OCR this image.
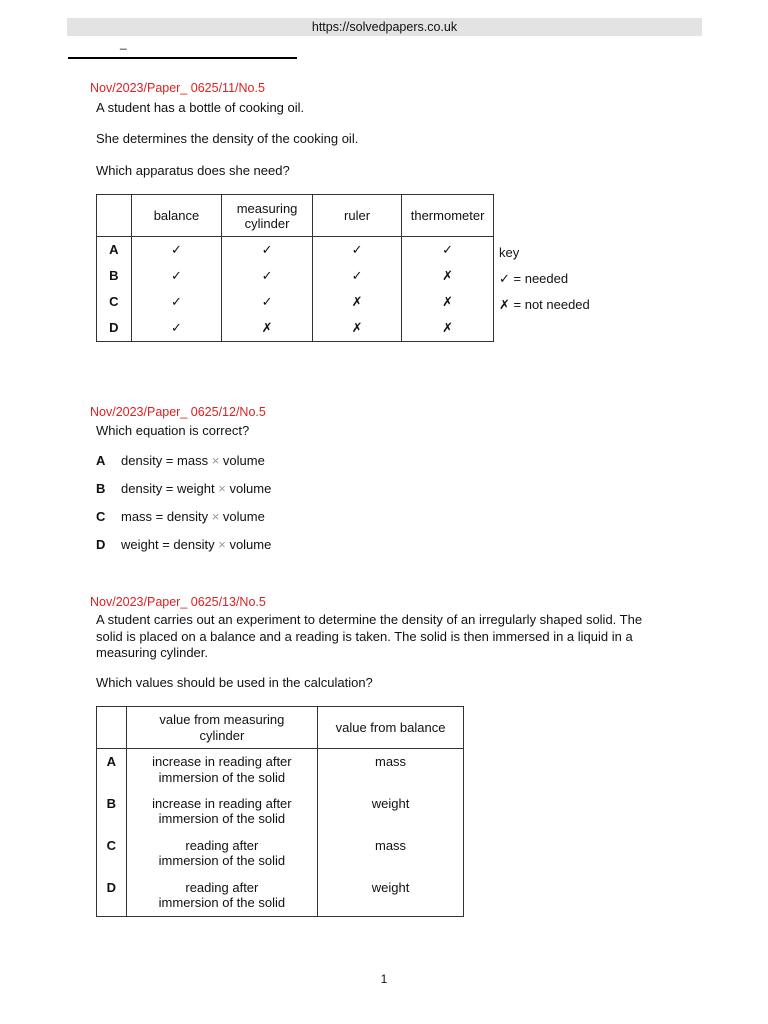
https://solvedpapers.co.uk
_
Nov/2023/Paper_ 0625/11/No.5
A student has a bottle of cooking oil.
She determines the density of the cooking oil.
Which apparatus does she need?
	balance	measuring cylinder	ruler	thermometer
A	✓	✓	✓	✓
B	✓	✓	✓	✗
C	✓	✓	✗	✗
D	✓	✗	✗	✗
key
✓ = needed
✗ = not needed
Nov/2023/Paper_ 0625/12/No.5
Which equation is correct?
A density = mass × volume
B density = weight × volume
C mass = density × volume
D weight = density × volume
Nov/2023/Paper_ 0625/13/No.5
A student carries out an experiment to determine the density of an irregularly shaped solid. The solid is placed on a balance and a reading is taken. The solid is then immersed in a liquid in a measuring cylinder.
Which values should be used in the calculation?
	value from measuring cylinder	value from balance
A	increase in reading after immersion of the solid	mass
B	increase in reading after immersion of the solid	weight
C	reading after immersion of the solid	mass
D	reading after immersion of the solid	weight
1
